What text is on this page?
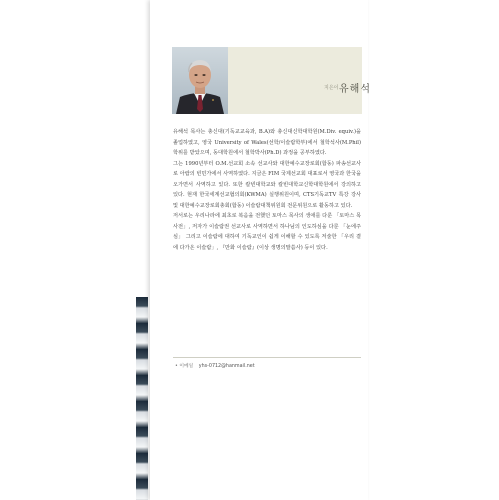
지은이 유해석

유해석 목사는 총신대(기독교교육과, B.A)와 총신대신학대학원(M.Div. equiv.)을 졸업하였고, 영국 University of Wales(선학/이슬람학부)에서 철학석사(M.Phil) 학위를 받았으며, 동대학원에서 철학박사(Ph.D) 과정을 공부하였다.

그는 1990년부터 O.M.선교회 소속 선교사와 대한예수교장로회(합동) 파송선교사로 아랍의 빈민가에서 사역하였다. 지금은 FIM 국제선교회 대표로서 영국과 한국을 오가면서 사역하고 있다. 또한 칼빈대학교와 칼빈대학교신학대학원에서 강의하고 있다. 현재 한국세계선교협의회(KWMA) 실행위원이며, CTS기독교TV 특강 강사 및 대한예수교장로회총회(합동) 이슬람대책위원회 전문위원으로 활동하고 있다.

저서로는 우리나라에 최초로 복음을 전했던 토마스 목사의 생애를 다룬 「토마스 목사전」, 저자가 이슬람권 선교사로 사역하면서 하나님의 인도하심을 다룬 「눈에주심」 그리고 이슬람에 대하여 기독교인이 쉽게 이해할 수 있도록 저술한 「우리 곁에 다가온 이슬람」, 『만화 이슬람』(이상 생명의말씀사) 등이 있다.

• 이메일 yhs-0712@hanmail.net
